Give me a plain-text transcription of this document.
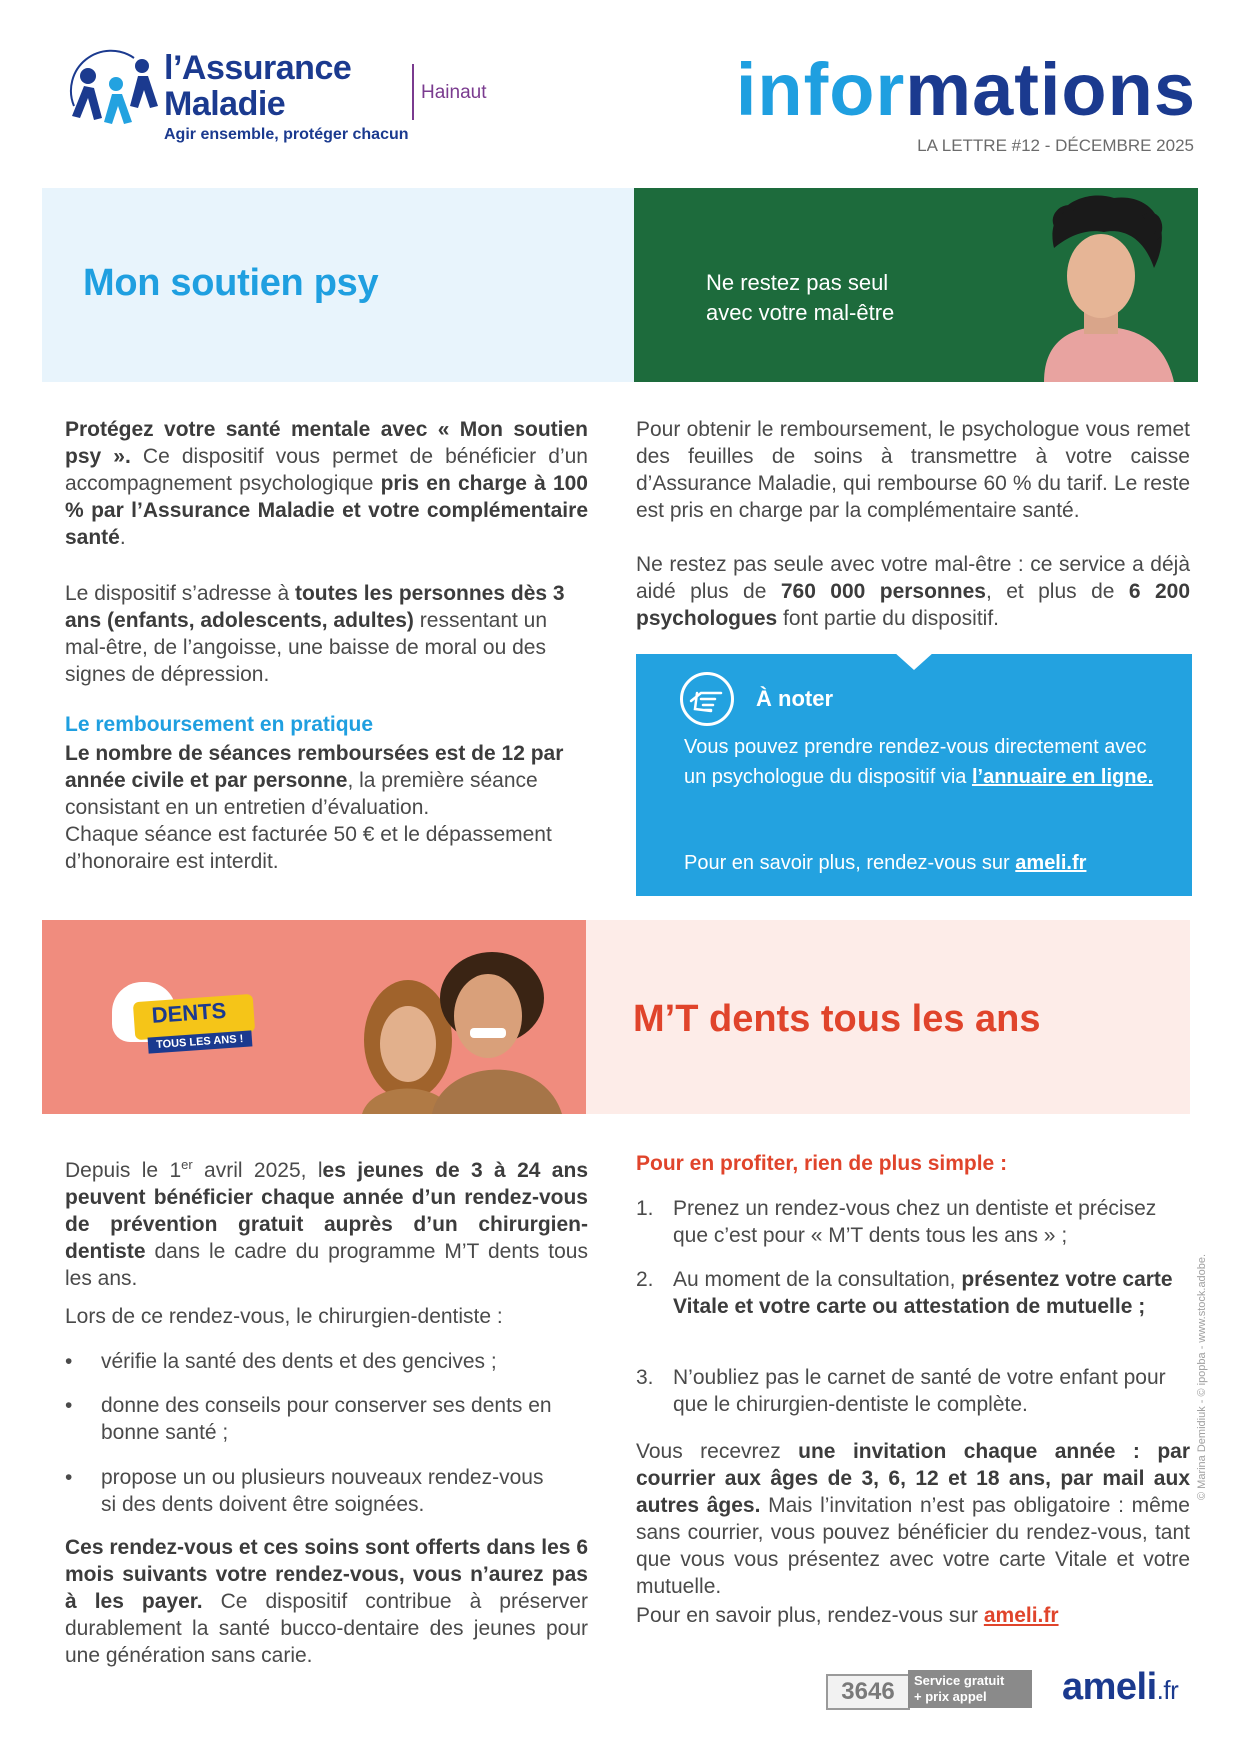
l’Assurance
Maladie
Agir ensemble, protéger chacun
Hainaut	informations
LA LETTRE #12 - DÉCEMBRE 2025
Mon soutien psy	Ne restez pas seul
avec votre mal-être
Protégez votre santé mentale avec « Mon soutien psy ». Ce dispositif vous permet de bénéficier d’un accompagnement psychologique pris en charge à 100 % par l’Assurance Maladie et votre complémentaire santé.
Le dispositif s’adresse à toutes les personnes dès 3 ans (enfants, adolescents, adultes) ressentant un mal-être, de l’angoisse, une baisse de moral ou des signes de dépression.
Le remboursement en pratique
Le nombre de séances remboursées est de 12 par année civile et par personne, la première séance consistant en un entretien d’évaluation.
Chaque séance est facturée 50 € et le dépassement d’honoraire est interdit.
Pour obtenir le remboursement, le psychologue vous remet des feuilles de soins à transmettre à votre caisse d’Assurance Maladie, qui rembourse 60 % du tarif. Le reste est pris en charge par la complémentaire santé.
Ne restez pas seule avec votre mal-être : ce service a déjà aidé plus de 760 000 personnes, et plus de 6 200 psychologues font partie du dispositif.
À noter
Vous pouvez prendre rendez-vous directement avec un psychologue du dispositif via l’annuaire en ligne.
Pour en savoir plus, rendez-vous sur ameli.fr
DENTS
TOUS LES ANS !
M’T dents tous les ans
Depuis le 1er avril 2025, les jeunes de 3 à 24 ans peuvent bénéficier chaque année d’un rendez-vous de prévention gratuit auprès d’un chirurgien-dentiste dans le cadre du programme M’T dents tous les ans.
Lors de ce rendez-vous, le chirurgien-dentiste :
• vérifie la santé des dents et des gencives ;
• donne des conseils pour conserver ses dents en bonne santé ;
• propose un ou plusieurs nouveaux rendez-vous si des dents doivent être soignées.
Ces rendez-vous et ces soins sont offerts dans les 6 mois suivants votre rendez-vous, vous n’aurez pas à les payer. Ce dispositif contribue à préserver durablement la santé bucco-dentaire des jeunes pour une génération sans carie.
Pour en profiter, rien de plus simple :
1. Prenez un rendez-vous chez un dentiste et précisez que c’est pour « M’T dents tous les ans » ;
2. Au moment de la consultation, présentez votre carte Vitale et votre carte ou attestation de mutuelle ;
3. N’oubliez pas le carnet de santé de votre enfant pour que le chirurgien-dentiste le complète.
Vous recevrez une invitation chaque année : par courrier aux âges de 3, 6, 12 et 18 ans, par mail aux autres âges. Mais l’invitation n’est pas obligatoire : même sans courrier, vous pouvez bénéficier du rendez-vous, tant que vous vous présentez avec votre carte Vitale et votre mutuelle.
Pour en savoir plus, rendez-vous sur ameli.fr
© Marina Demidiuk - © ipopba - www.stock.adobe.
3646	Service gratuit
+ prix appel	ameli.fr
